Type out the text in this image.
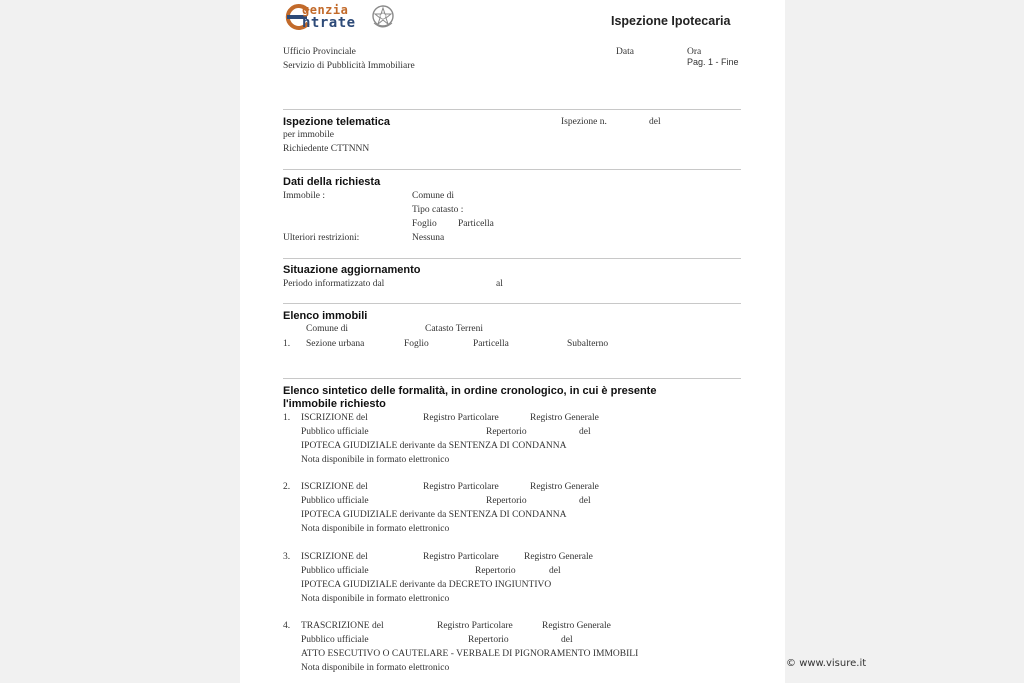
genzia
ntrate	Ispezione Ipotecaria
Ufficio Provinciale
Servizio di Pubblicità Immobiliare
Data	Ora
Pag. 1 - Fine
Ispezione telematica	Ispezione n.	del
per immobile
Richiedente CTTNNN
Dati della richiesta
Immobile :	Comune di
Tipo catasto :
Foglio Particella
Ulteriori restrizioni:	Nessuna
Situazione aggiornamento
Periodo informatizzato dal	al
Elenco immobili
Comune di	Catasto Terreni
1. Sezione urbana	Foglio	Particella	Subalterno
Elenco sintetico delle formalità, in ordine cronologico, in cui è presente
l'immobile richiesto
1. ISCRIZIONE del	Registro Particolare	Registro Generale
Pubblico ufficiale	Repertorio	del
IPOTECA GIUDIZIALE derivante da SENTENZA DI CONDANNA
Nota disponibile in formato elettronico
2. ISCRIZIONE del	Registro Particolare	Registro Generale
Pubblico ufficiale	Repertorio	del
IPOTECA GIUDIZIALE derivante da SENTENZA DI CONDANNA
Nota disponibile in formato elettronico
3. ISCRIZIONE del	Registro Particolare	Registro Generale
Pubblico ufficiale	Repertorio	del
IPOTECA GIUDIZIALE derivante da DECRETO INGIUNTIVO
Nota disponibile in formato elettronico
4. TRASCRIZIONE del	Registro Particolare	Registro Generale
Pubblico ufficiale	Repertorio	del
ATTO ESECUTIVO O CAUTELARE - VERBALE DI PIGNORAMENTO IMMOBILI
Nota disponibile in formato elettronico	© www.visure.it
